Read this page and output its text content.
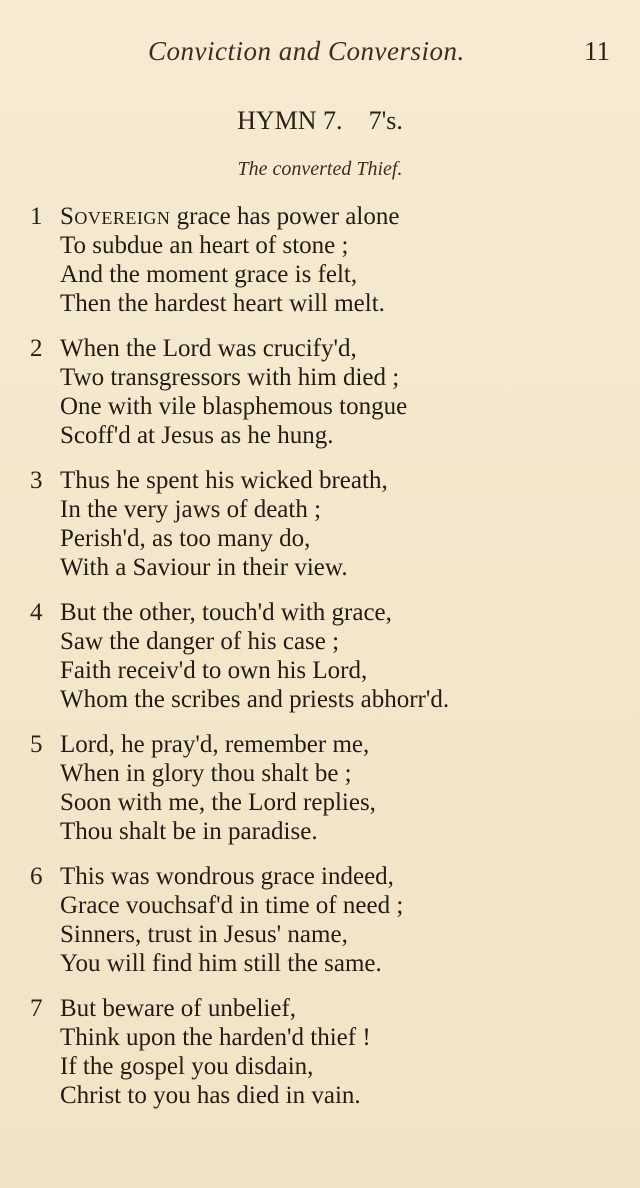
Conviction and Conversion.	11
HYMN 7. 7's.
The converted Thief.
1 Sovereign grace has power alone
To subdue an heart of stone ;
And the moment grace is felt,
Then the hardest heart will melt.
2 When the Lord was crucify'd,
Two transgressors with him died ;
One with vile blasphemous tongue
Scoff'd at Jesus as he hung.
3 Thus he spent his wicked breath,
In the very jaws of death ;
Perish'd, as too many do,
With a Saviour in their view.
4 But the other, touch'd with grace,
Saw the danger of his case ;
Faith receiv'd to own his Lord,
Whom the scribes and priests abhorr'd.
5 Lord, he pray'd, remember me,
When in glory thou shalt be ;
Soon with me, the Lord replies,
Thou shalt be in paradise.
6 This was wondrous grace indeed,
Grace vouchsaf'd in time of need ;
Sinners, trust in Jesus' name,
You will find him still the same.
7 But beware of unbelief,
Think upon the harden'd thief !
If the gospel you disdain,
Christ to you has died in vain.
